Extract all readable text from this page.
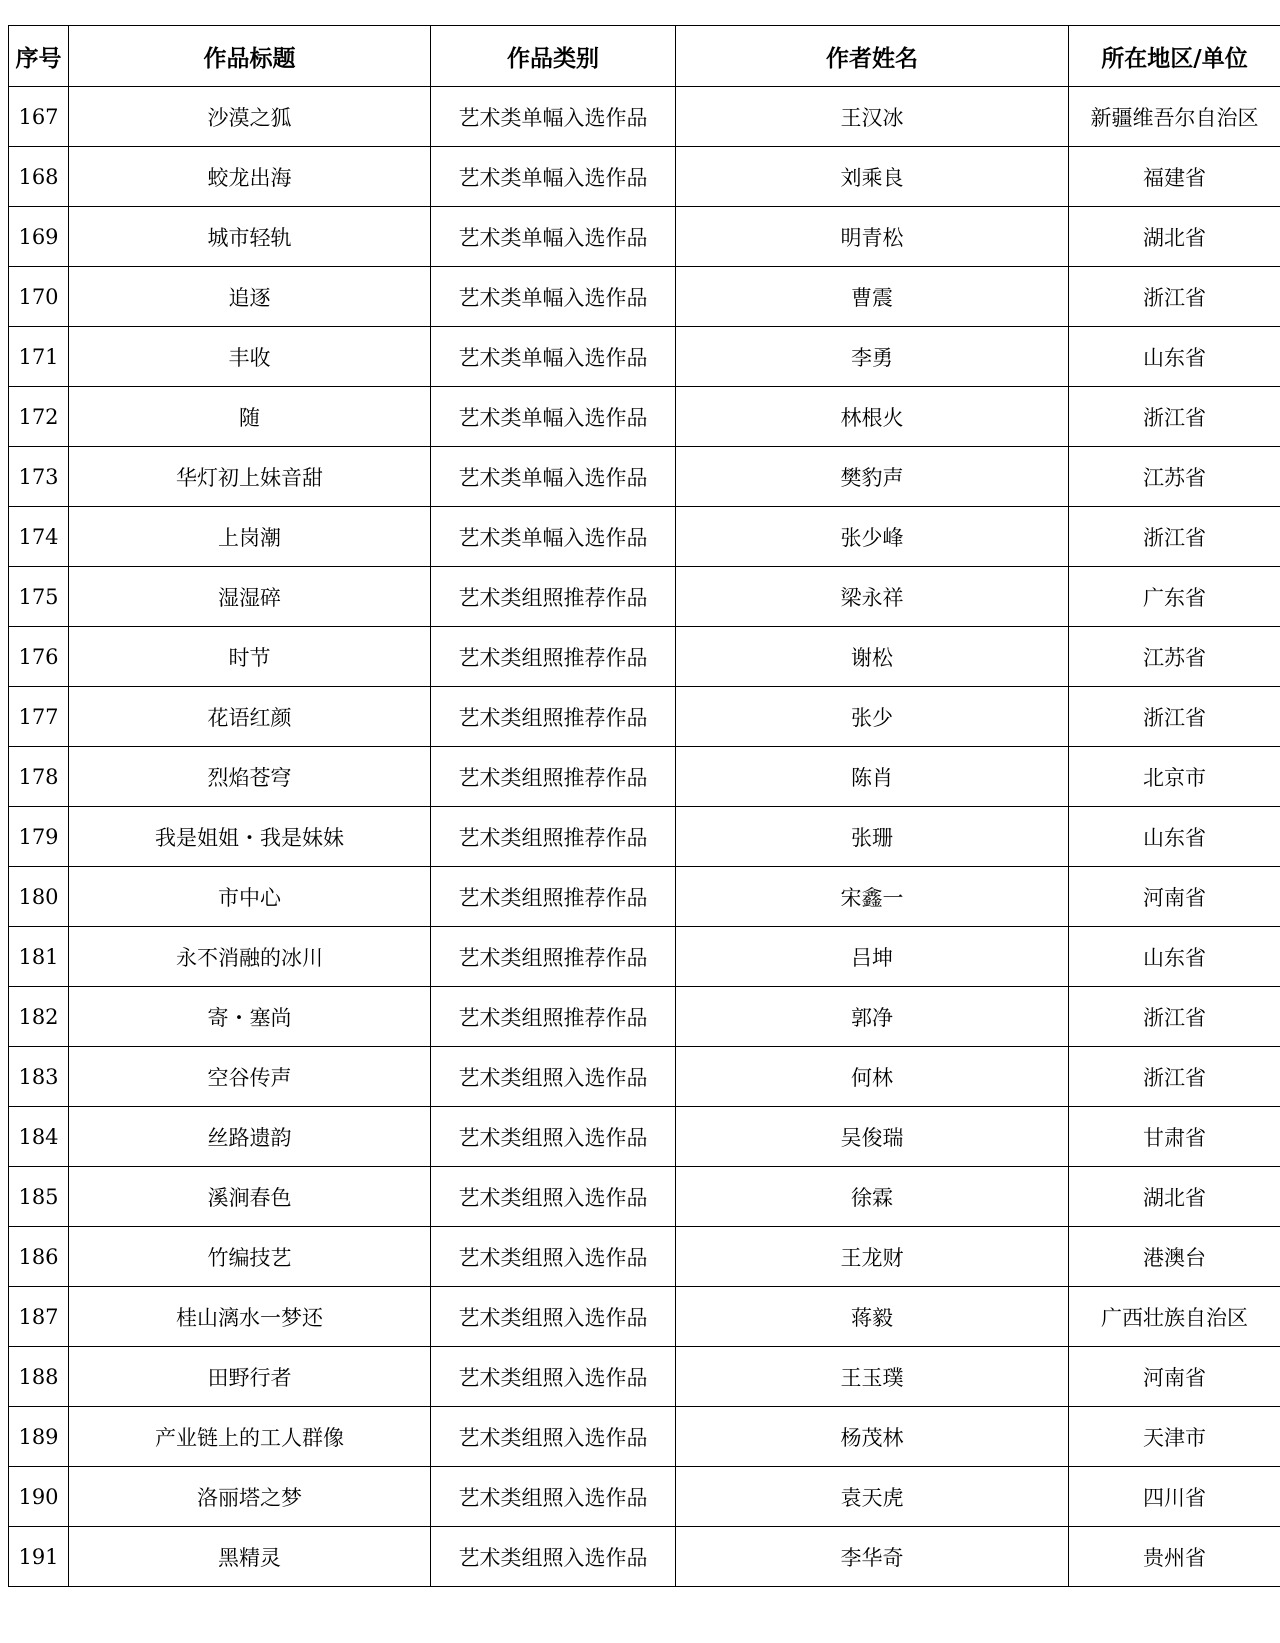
序号	作品标题	作品类别	作者姓名	所在地区/单位
167	沙漠之狐	艺术类单幅入选作品	王汉冰	新疆维吾尔自治区
168	蛟龙出海	艺术类单幅入选作品	刘乘良	福建省
169	城市轻轨	艺术类单幅入选作品	明青松	湖北省
170	追逐	艺术类单幅入选作品	曹震	浙江省
171	丰收	艺术类单幅入选作品	李勇	山东省
172	随	艺术类单幅入选作品	林根火	浙江省
173	华灯初上妹音甜	艺术类单幅入选作品	樊豹声	江苏省
174	上岗潮	艺术类单幅入选作品	张少峰	浙江省
175	湿湿碎	艺术类组照推荐作品	梁永祥	广东省
176	时节	艺术类组照推荐作品	谢松	江苏省
177	花语红颜	艺术类组照推荐作品	张少	浙江省
178	烈焰苍穹	艺术类组照推荐作品	陈肖	北京市
179	我是姐姐・我是妹妹	艺术类组照推荐作品	张珊	山东省
180	市中心	艺术类组照推荐作品	宋鑫一	河南省
181	永不消融的冰川	艺术类组照推荐作品	吕坤	山东省
182	寄・塞尚	艺术类组照推荐作品	郭净	浙江省
183	空谷传声	艺术类组照入选作品	何林	浙江省
184	丝路遗韵	艺术类组照入选作品	吴俊瑞	甘肃省
185	溪涧春色	艺术类组照入选作品	徐霖	湖北省
186	竹编技艺	艺术类组照入选作品	王龙财	港澳台
187	桂山漓水一梦还	艺术类组照入选作品	蒋毅	广西壮族自治区
188	田野行者	艺术类组照入选作品	王玉璞	河南省
189	产业链上的工人群像	艺术类组照入选作品	杨茂林	天津市
190	洛丽塔之梦	艺术类组照入选作品	袁天虎	四川省
191	黑精灵	艺术类组照入选作品	李华奇	贵州省
